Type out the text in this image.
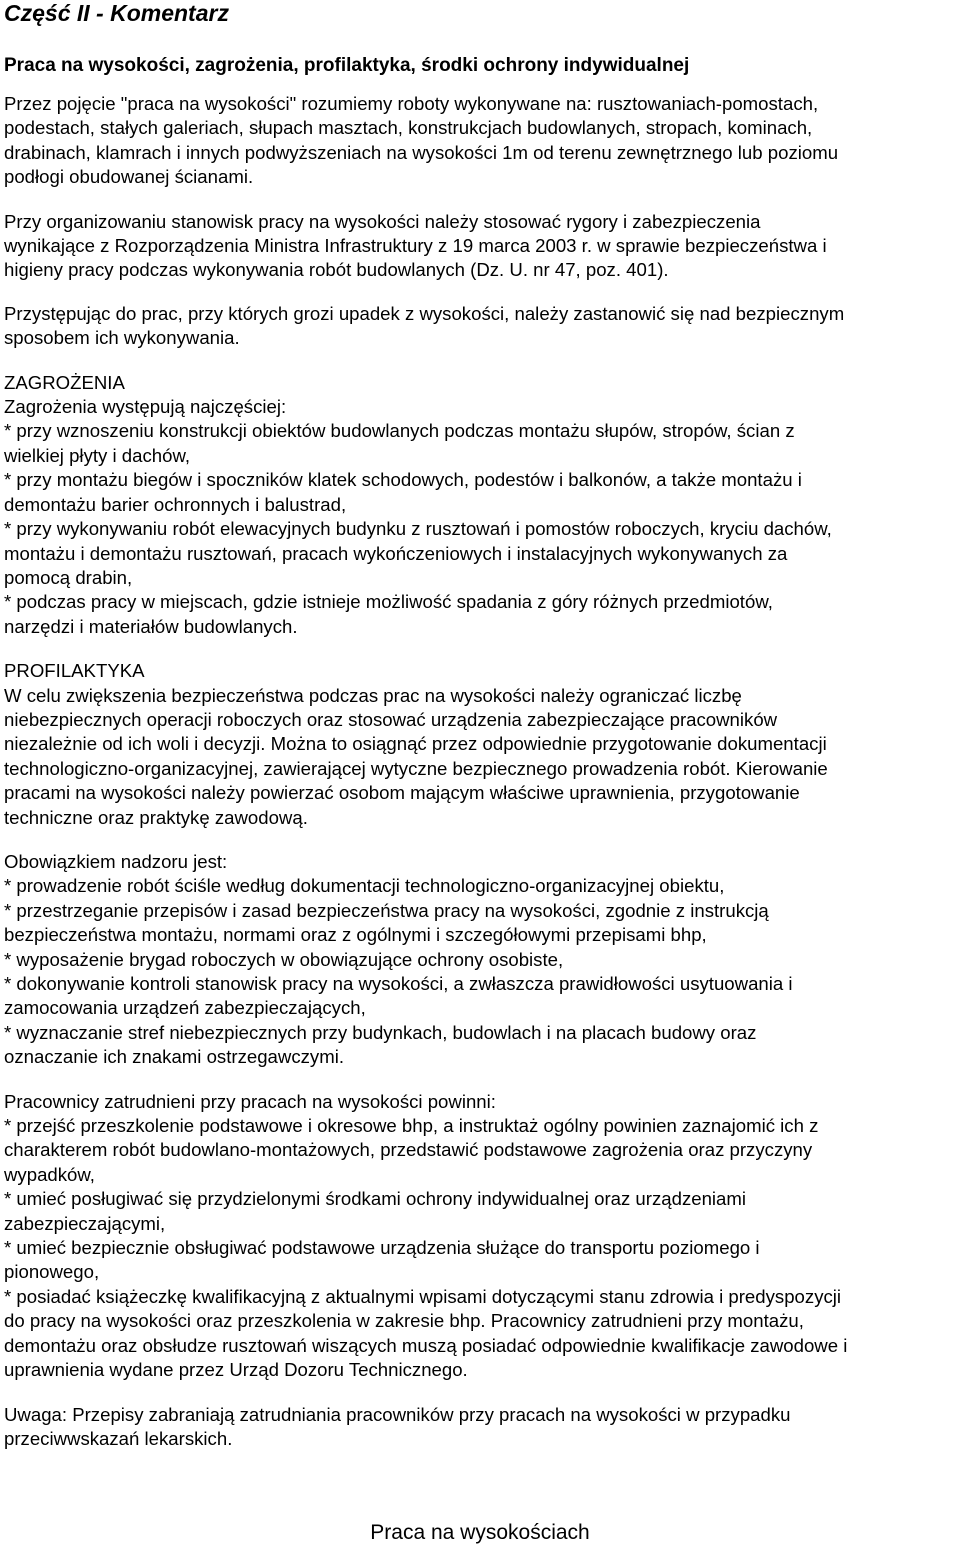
Część II - Komentarz
Praca na wysokości, zagrożenia, profilaktyka, środki ochrony indywidualnej

Przez pojęcie "praca na wysokości" rozumiemy roboty wykonywane na: rusztowaniach-pomostach,
podestach, stałych galeriach, słupach masztach, konstrukcjach budowlanych, stropach, kominach,
drabinach, klamrach i innych podwyższeniach na wysokości 1m od terenu zewnętrznego lub poziomu
podłogi obudowanej ścianami.

Przy organizowaniu stanowisk pracy na wysokości należy stosować rygory i zabezpieczenia
wynikające z Rozporządzenia Ministra Infrastruktury z 19 marca 2003 r. w sprawie bezpieczeństwa i
higieny pracy podczas wykonywania robót budowlanych (Dz. U. nr 47, poz. 401).

Przystępując do prac, przy których grozi upadek z wysokości, należy zastanowić się nad bezpiecznym
sposobem ich wykonywania.

ZAGROŻENIA
Zagrożenia występują najczęściej:
* przy wznoszeniu konstrukcji obiektów budowlanych podczas montażu słupów, stropów, ścian z
wielkiej płyty i dachów,
* przy montażu biegów i spoczników klatek schodowych, podestów i balkonów, a także montażu i
demontażu barier ochronnych i balustrad,
* przy wykonywaniu robót elewacyjnych budynku z rusztowań i pomostów roboczych, kryciu dachów,
montażu i demontażu rusztowań, pracach wykończeniowych i instalacyjnych wykonywanych za
pomocą drabin,
* podczas pracy w miejscach, gdzie istnieje możliwość spadania z góry różnych przedmiotów,
narzędzi i materiałów budowlanych.

PROFILAKTYKA
W celu zwiększenia bezpieczeństwa podczas prac na wysokości należy ograniczać liczbę
niebezpiecznych operacji roboczych oraz stosować urządzenia zabezpieczające pracowników
niezależnie od ich woli i decyzji. Można to osiągnąć przez odpowiednie przygotowanie dokumentacji
technologiczno-organizacyjnej, zawierającej wytyczne bezpiecznego prowadzenia robót. Kierowanie
pracami na wysokości należy powierzać osobom mającym właściwe uprawnienia, przygotowanie
techniczne oraz praktykę zawodową.

Obowiązkiem nadzoru jest:
* prowadzenie robót ściśle według dokumentacji technologiczno-organizacyjnej obiektu,
* przestrzeganie przepisów i zasad bezpieczeństwa pracy na wysokości, zgodnie z instrukcją
bezpieczeństwa montażu, normami oraz z ogólnymi i szczegółowymi przepisami bhp,
* wyposażenie brygad roboczych w obowiązujące ochrony osobiste,
* dokonywanie kontroli stanowisk pracy na wysokości, a zwłaszcza prawidłowości usytuowania i
zamocowania urządzeń zabezpieczających,
* wyznaczanie stref niebezpiecznych przy budynkach, budowlach i na placach budowy oraz
oznaczanie ich znakami ostrzegawczymi.

Pracownicy zatrudnieni przy pracach na wysokości powinni:
* przejść przeszkolenie podstawowe i okresowe bhp, a instruktaż ogólny powinien zaznajomić ich z
charakterem robót budowlano-montażowych, przedstawić podstawowe zagrożenia oraz przyczyny
wypadków,
* umieć posługiwać się przydzielonymi środkami ochrony indywidualnej oraz urządzeniami
zabezpieczającymi,
* umieć bezpiecznie obsługiwać podstawowe urządzenia służące do transportu poziomego i
pionowego,
* posiadać książeczkę kwalifikacyjną z aktualnymi wpisami dotyczącymi stanu zdrowia i predyspozycji
do pracy na wysokości oraz przeszkolenia w zakresie bhp. Pracownicy zatrudnieni przy montażu,
demontażu oraz obsłudze rusztowań wiszących muszą posiadać odpowiednie kwalifikacje zawodowe i
uprawnienia wydane przez Urząd Dozoru Technicznego.

Uwaga: Przepisy zabraniają zatrudniania pracowników przy pracach na wysokości w przypadku
przeciwwskazań lekarskich.

Praca na wysokościach
